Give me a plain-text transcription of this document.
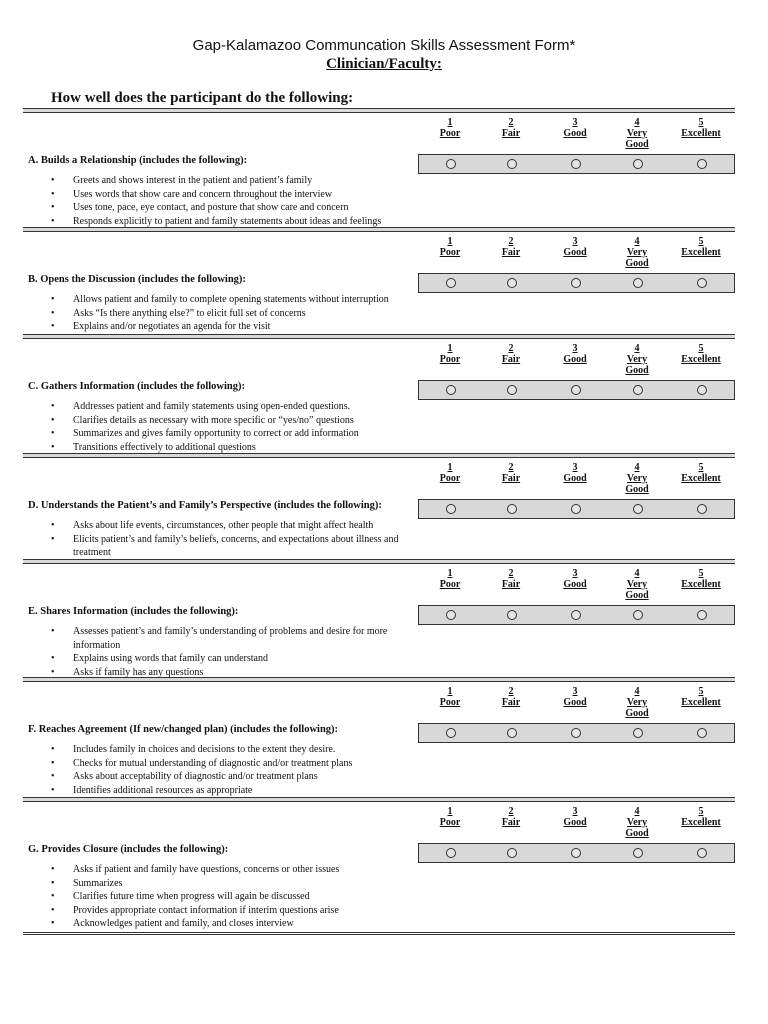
Gap-Kalamazoo Communcation Skills Assessment Form*
Clinician/Faculty:
How well does the participant do the following:
1
Poor
2
Fair
3
Good
4
Very
Good
5
Excellent
A. Builds a Relationship (includes the following):
• Greets and shows interest in the patient and patient’s family
• Uses words that show care and concern throughout the interview
• Uses tone, pace, eye contact, and posture that show care and concern
• Responds explicitly to patient and family statements about ideas and feelings
1
Poor
2
Fair
3
Good
4
Very
Good
5
Excellent
B. Opens the Discussion (includes the following):
• Allows patient and family to complete opening statements without interruption
• Asks “Is there anything else?” to elicit full set of concerns
• Explains and/or negotiates an agenda for the visit
1
Poor
2
Fair
3
Good
4
Very
Good
5
Excellent
C. Gathers Information (includes the following):
• Addresses patient and family statements using open-ended questions.
• Clarifies details as necessary with more specific or “yes/no” questions
• Summarizes and gives family opportunity to correct or add information
• Transitions effectively to additional questions
1
Poor
2
Fair
3
Good
4
Very
Good
5
Excellent
D. Understands the Patient’s and Family’s Perspective (includes the following):
• Asks about life events, circumstances, other people that might affect health
• Elicits patient’s and family’s beliefs, concerns, and expectations about illness and treatment
1
Poor
2
Fair
3
Good
4
Very
Good
5
Excellent
E. Shares Information (includes the following):
• Assesses patient’s and family’s understanding of problems and desire for more information
• Explains using words that family can understand
• Asks if family has any questions
1
Poor
2
Fair
3
Good
4
Very
Good
5
Excellent
F. Reaches Agreement (If new/changed plan) (includes the following):
• Includes family in choices and decisions to the extent they desire.
• Checks for mutual understanding of diagnostic and/or treatment plans
• Asks about acceptability of diagnostic and/or treatment plans
• Identifies additional resources as appropriate
1
Poor
2
Fair
3
Good
4
Very
Good
5
Excellent
G. Provides Closure (includes the following):
• Asks if patient and family have questions, concerns or other issues
• Summarizes
• Clarifies future time when progress will again be discussed
• Provides appropriate contact information if interim questions arise
• Acknowledges patient and family, and closes interview
